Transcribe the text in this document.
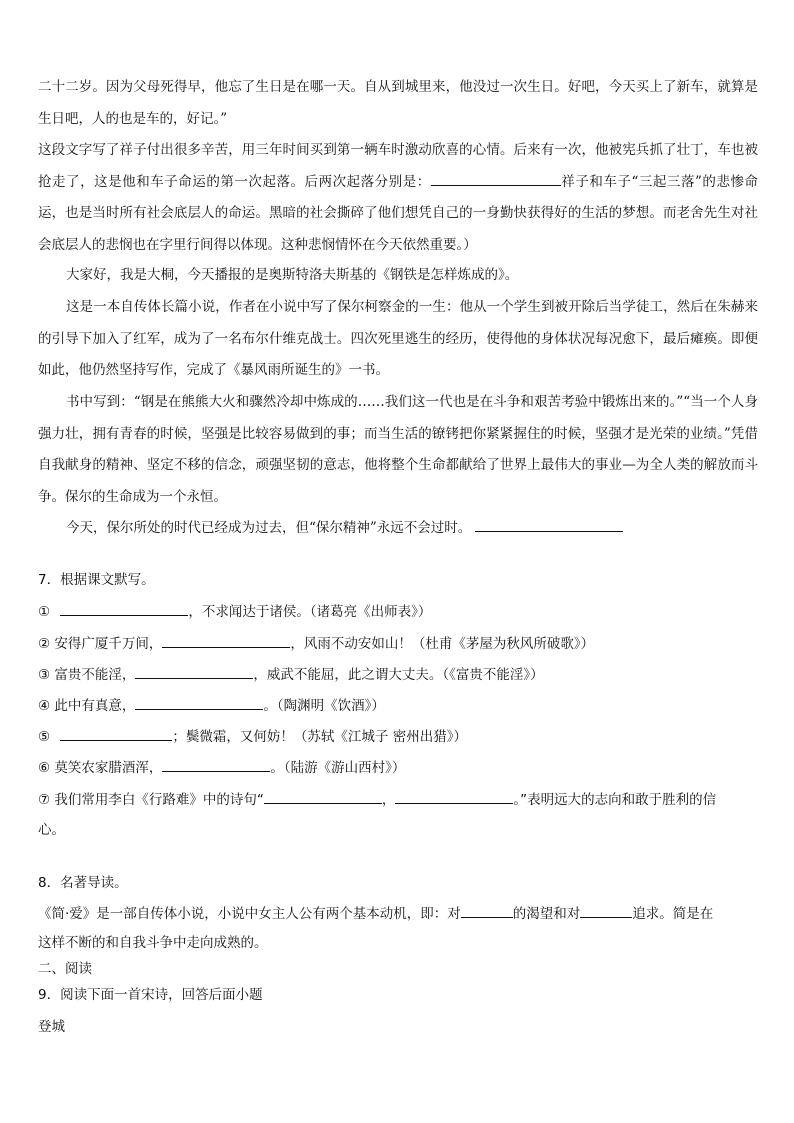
二十二岁。因为父母死得早，他忘了生日是在哪一天。自从到城里来，他没过一次生日。好吧，今天买上了新车，就算是生日吧，人的也是车的，好记。”

这段文字写了祥子付出很多辛苦，用三年时间买到第一辆车时激动欣喜的心情。后来有一次，他被宪兵抓了壮丁，车也被抢走了，这是他和车子命运的第一次起落。后两次起落分别是：	祥子和车子“三起三落”的悲惨命运，也是当时所有社会底层人的命运。黑暗的社会撕碎了他们想凭自己的一身勤快获得好的生活的梦想。而老舍先生对社会底层人的悲悯也在字里行间得以体现。这种悲悯情怀在今天依然重要。）

大家好，我是大桐，今天播报的是奥斯特洛夫斯基的《钢铁是怎样炼成的》。

这是一本自传体长篇小说，作者在小说中写了保尔柯察金的一生：他从一个学生到被开除后当学徒工，然后在朱赫来的引导下加入了红军，成为了一名布尔什维克战士。四次死里逃生的经历，使得他的身体状况每况愈下，最后瘫痪。即便如此，他仍然坚持写作，完成了《暴风雨所诞生的》一书。

书中写到：“钢是在熊熊大火和骤然冷却中炼成的……我们这一代也是在斗争和艰苦考验中锻炼出来的。”“当一个人身强力壮，拥有青春的时候，坚强是比较容易做到的事；而当生活的镣铐把你紧紧握住的时候，坚强才是光荣的业绩。”凭借自我献身的精神、坚定不移的信念，顽强坚韧的意志，他将整个生命都献给了世界上最伟大的事业—为全人类的解放而斗争。保尔的生命成为一个永恒。

今天，保尔所处的时代已经成为过去，但“保尔精神”永远不会过时。

7．根据课文默写。
①	，不求闻达于诸侯。（诸葛亮《出师表》）
② 安得广厦千万间，	，风雨不动安如山！（杜甫《茅屋为秋风所破歌》）
③ 富贵不能淫，	，威武不能屈，此之谓大丈夫。（《富贵不能淫》）
④ 此中有真意，	。（陶渊明《饮酒》）
⑤	；鬓微霜，又何妨！（苏轼《江城子 密州出猎》）
⑥ 莫笑农家腊酒浑，	。（陆游《游山西村》）
⑦ 我们常用李白《行路难》中的诗句“	，	。”表明远大的志向和敢于胜利的信
心。
8．名著导读。
《简·爱》是一部自传体小说，小说中女主人公有两个基本动机，即：对	的渴望和对	追求。简是在
这样不断的和自我斗争中走向成熟的。
二、阅读
9．阅读下面一首宋诗，回答后面小题
登城
